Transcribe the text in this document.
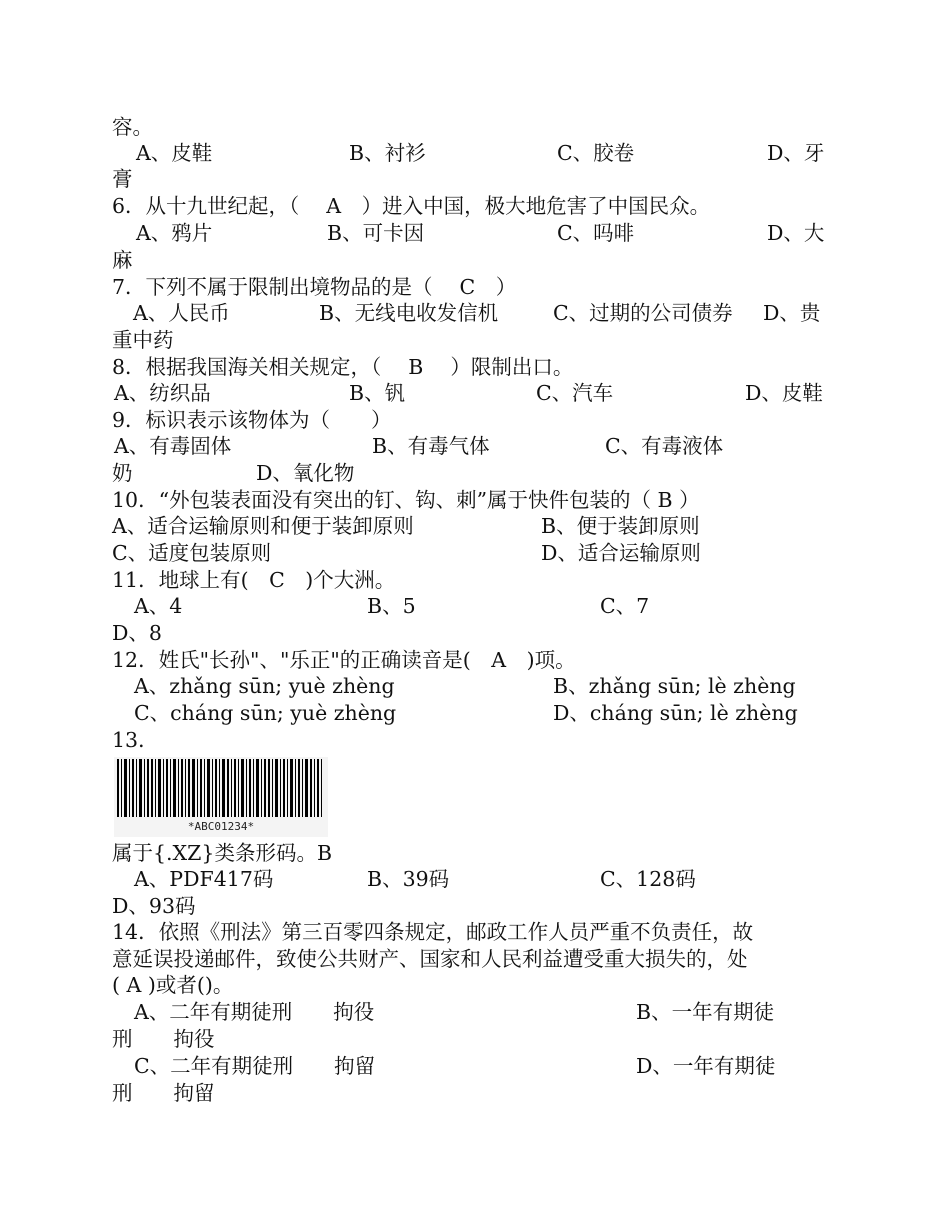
容。
A、皮鞋	B、衬衫	C、胶卷	D、牙
膏
6．从十九世纪起，（　 A　）进入中国，极大地危害了中国民众。
A、鸦片	B、可卡因	C、吗啡	D、大
麻
7．下列不属于限制出境物品的是（　 C　）
A、人民币	B、无线电收发信机	C、过期的公司债券 D、贵
重中药
8．根据我国海关相关规定，（　 B　 ）限制出口。
A、纺织品	B、钒	C、汽车	D、皮鞋
9．标识表示该物体为（　　）
A、有毒固体	B、有毒气体	C、有毒液体
奶	D、氧化物
10．“外包装表面没有突出的钉、钩、刺”属于快件包装的（ B ）
A、适合运输原则和便于装卸原则	B、便于装卸原则
C、适度包装原则	D、适合运输原则
11．地球上有(　C　)个大洲。
A、4	B、5	C、7
D、8
12．姓氏"长孙"、"乐正"的正确读音是(　A　)项。
A、zhǎng sūn; yuè zhèng	B、zhǎng sūn; lè zhèng
C、cháng sūn; yuè zhèng	D、cháng sūn; lè zhèng
13．
*ABC01234*
属于{.XZ}类条形码。B
A、PDF417码	B、39码	C、128码
D、93码
14．依照《刑法》第三百零四条规定，邮政工作人员严重不负责任，故
意延误投递邮件，致使公共财产、国家和人民利益遭受重大损失的，处
( A )或者()。
A、二年有期徒刑　　拘役	B、一年有期徒
刑　　拘役
C、二年有期徒刑　　拘留	D、一年有期徒
刑　　拘留
